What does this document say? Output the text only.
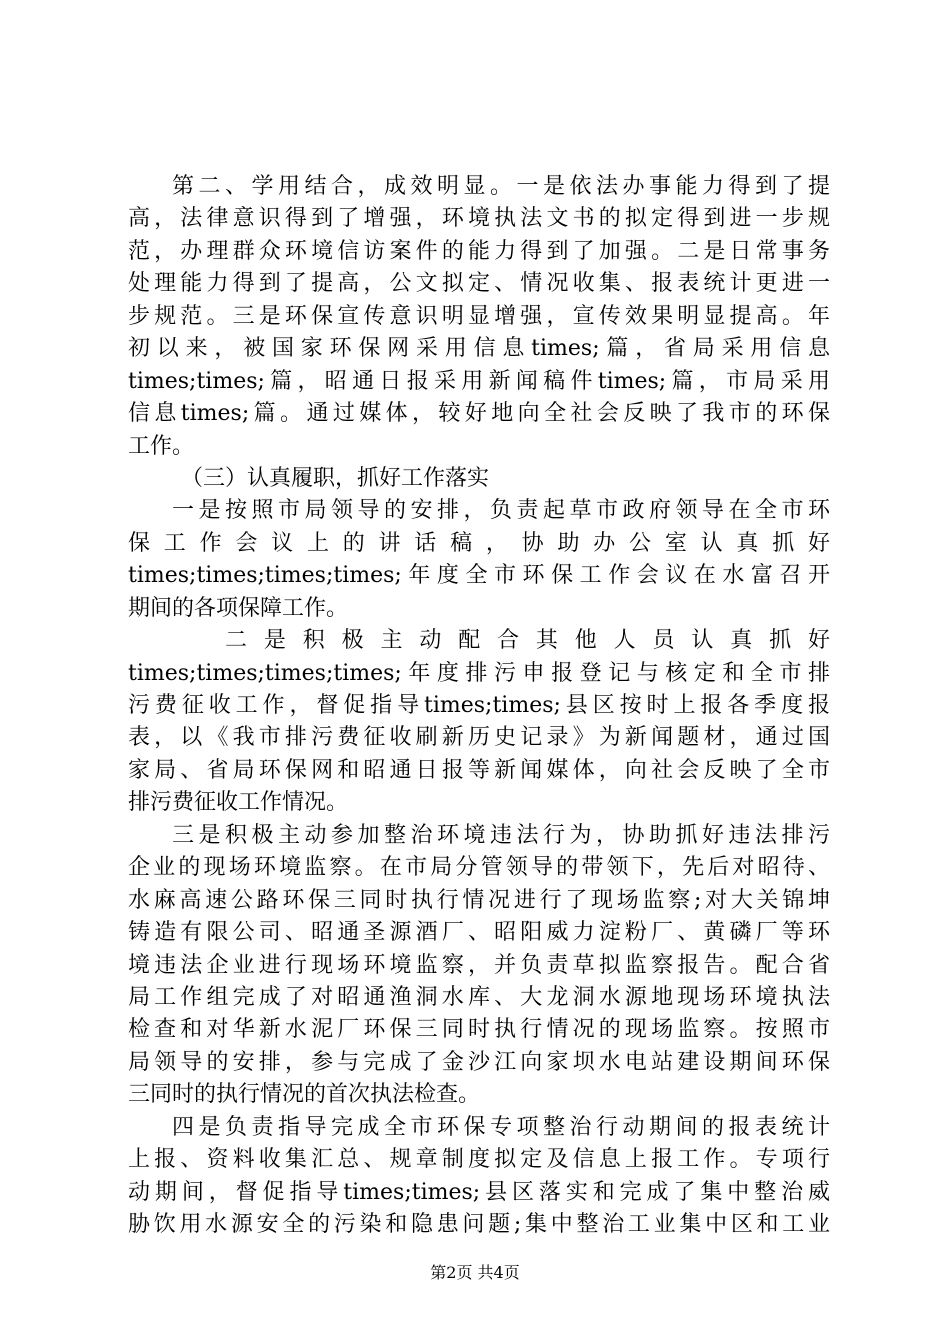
第二、学用结合，成效明显。一是依法办事能力得到了提
高，法律意识得到了增强，环境执法文书的拟定得到进一步规
范，办理群众环境信访案件的能力得到了加强。二是日常事务
处理能力得到了提高，公文拟定、情况收集、报表统计更进一
步规范。三是环保宣传意识明显增强，宣传效果明显提高。年
初以来，被国家环保网采用信息times;篇，省局采用信息
times;times;篇，昭通日报采用新闻稿件times;篇，市局采用
信息times;篇。通过媒体，较好地向全社会反映了我市的环保
工作。
（三）认真履职，抓好工作落实
一是按照市局领导的安排，负责起草市政府领导在全市环
保工作会议上的讲话稿，协助办公室认真抓好
times;times;times;times;年度全市环保工作会议在水富召开
期间的各项保障工作。
二是积极主动配合其他人员认真抓好
times;times;times;times;年度排污申报登记与核定和全市排
污费征收工作，督促指导times;times;县区按时上报各季度报
表，以《我市排污费征收刷新历史记录》为新闻题材，通过国
家局、省局环保网和昭通日报等新闻媒体，向社会反映了全市
排污费征收工作情况。
三是积极主动参加整治环境违法行为，协助抓好违法排污
企业的现场环境监察。在市局分管领导的带领下，先后对昭待、
水麻高速公路环保三同时执行情况进行了现场监察;对大关锦坤
铸造有限公司、昭通圣源酒厂、昭阳威力淀粉厂、黄磷厂等环
境违法企业进行现场环境监察，并负责草拟监察报告。配合省
局工作组完成了对昭通渔洞水库、大龙洞水源地现场环境执法
检查和对华新水泥厂环保三同时执行情况的现场监察。按照市
局领导的安排，参与完成了金沙江向家坝水电站建设期间环保
三同时的执行情况的首次执法检查。
四是负责指导完成全市环保专项整治行动期间的报表统计
上报、资料收集汇总、规章制度拟定及信息上报工作。专项行
动期间，督促指导times;times;县区落实和完成了集中整治威
胁饮用水源安全的污染和隐患问题;集中整治工业集中区和工业
第2页 共4页
